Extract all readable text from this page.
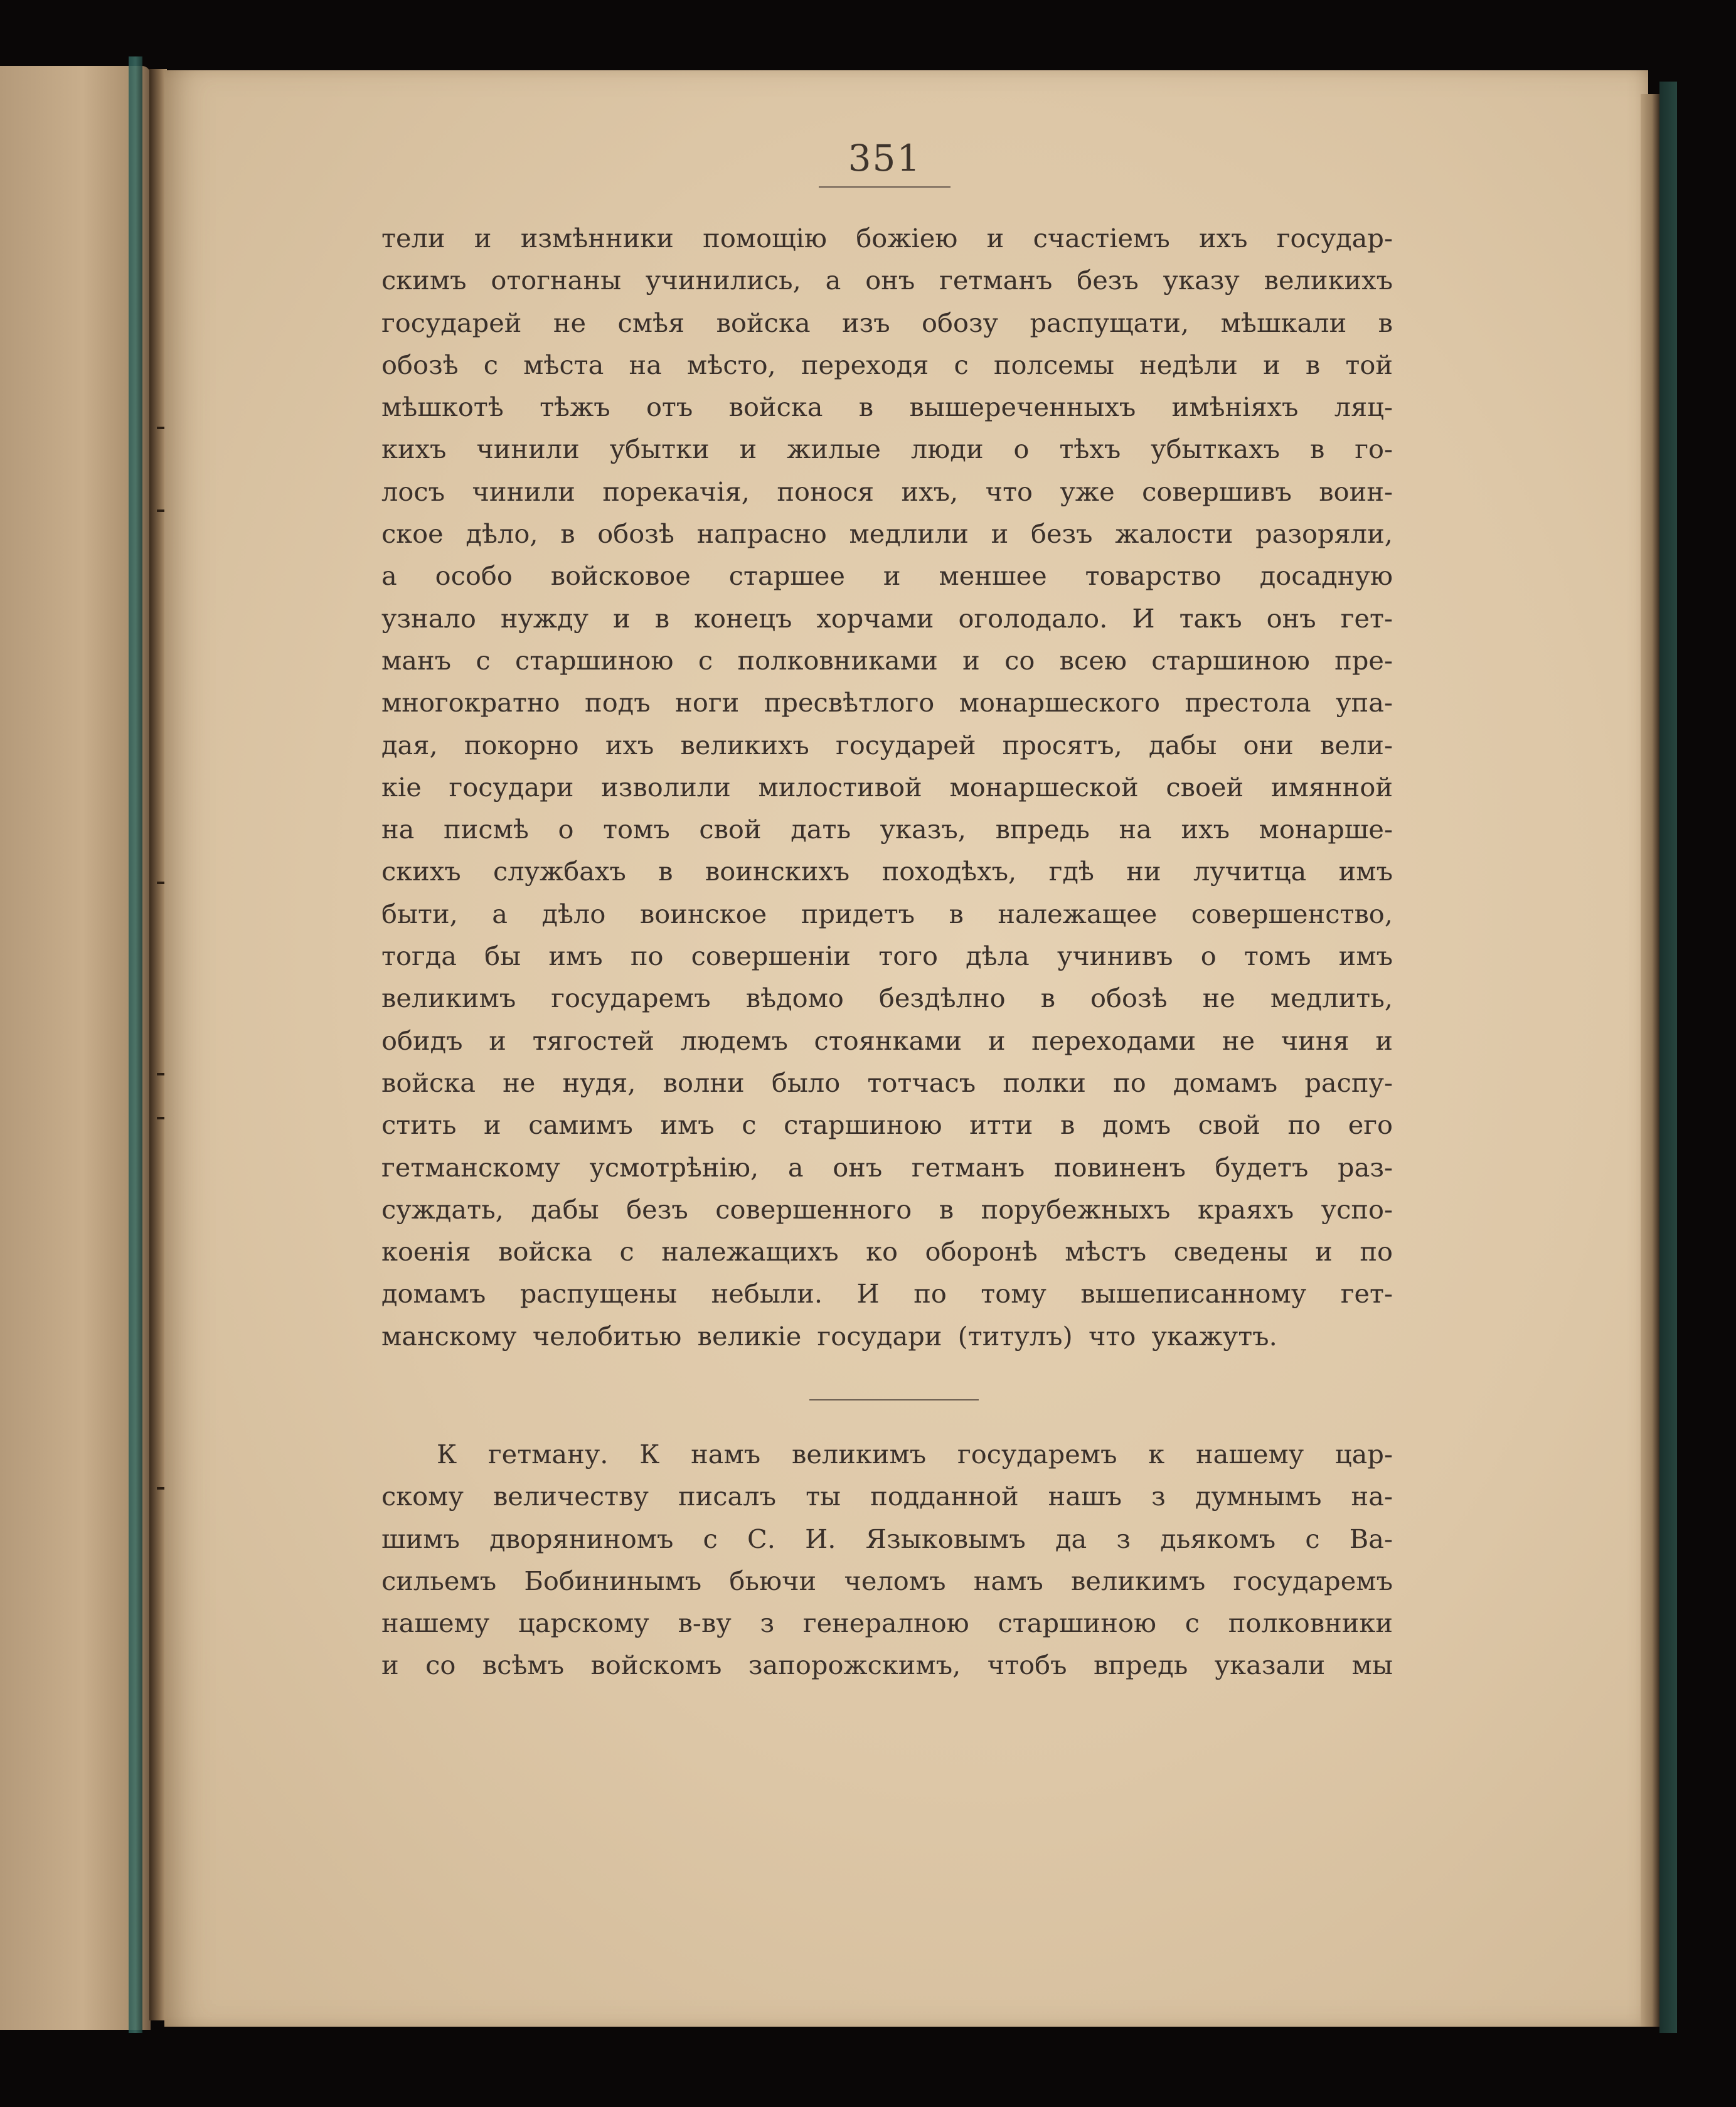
351
тели и измѣнники помощію божіею и счастіемъ ихъ государ-
скимъ отогнаны учинились, а онъ гетманъ безъ указу великихъ
государей не смѣя войска изъ обозу распущати, мѣшкали в
обозѣ с мѣста на мѣсто, переходя с полсемы недѣли и в той
мѣшкотѣ тѣжъ отъ войска в вышереченныхъ имѣніяхъ ляц-
кихъ чинили убытки и жилые люди о тѣхъ убыткахъ в го-
лосъ чинили порекачія, понося ихъ, что уже совершивъ воин-
ское дѣло, в обозѣ напрасно медлили и безъ жалости разоряли,
а особо войсковое старшее и меншее товарство досадную
узнало нужду и в конецъ хорчами оголодало. И такъ онъ гет-
манъ с старшиною с полковниками и со всею старшиною пре-
многократно подъ ноги пресвѣтлого монаршеского престола упа-
дая, покорно ихъ великихъ государей просятъ, дабы они вели-
кіе государи изволили милостивой монаршеской своей имянной
на писмѣ о томъ свой дать указъ, впредь на ихъ монарше-
скихъ службахъ в воинскихъ походѣхъ, гдѣ ни лучитца имъ
быти, а дѣло воинское придетъ в належащее совершенство,
тогда бы имъ по совершеніи того дѣла учинивъ о томъ имъ
великимъ государемъ вѣдомо бездѣлно в обозѣ не медлить,
обидъ и тягостей людемъ стоянками и переходами не чиня и
войска не нудя, волни было тотчасъ полки по домамъ распу-
стить и самимъ имъ с старшиною итти в домъ свой по его
гетманскому усмотрѣнію, а онъ гетманъ повиненъ будетъ раз-
суждать, дабы безъ совершенного в порубежныхъ краяхъ успо-
коенія войска с належащихъ ко оборонѣ мѣстъ сведены и по
домамъ распущены небыли. И по тому вышеписанному гет-
манскому челобитью великіе государи (титулъ) что укажутъ.
К гетману. К намъ великимъ государемъ к нашему цар-
скому величеству писалъ ты подданной нашъ з думнымъ на-
шимъ дворяниномъ с С. И. Языковымъ да з дьякомъ с Ва-
сильемъ Бобининымъ бьючи челомъ намъ великимъ государемъ
нашему царскому в-ву з генералною старшиною с полковники
и со всѣмъ войскомъ запорожскимъ, чтобъ впредь указали мы
